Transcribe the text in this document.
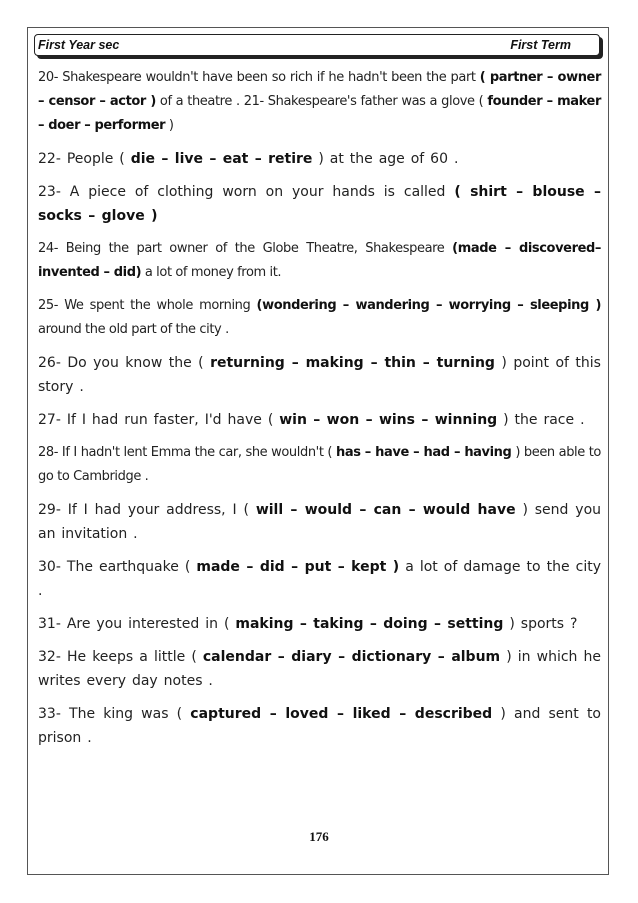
First Year sec	First Term

20- Shakespeare wouldn't have been so rich if he hadn't been the part ( partner – owner – censor – actor ) of a theatre . 21- Shakespeare's father was a glove ( founder – maker – doer – performer )

22- People ( die – live – eat – retire ) at the age of 60 .

23- A piece of clothing worn on your hands is called ( shirt – blouse – socks – glove )

24- Being the part owner of the Globe Theatre, Shakespeare (made – discovered– invented – did) a lot of money from it.

25- We spent the whole morning (wondering – wandering – worrying – sleeping ) around the old part of the city .

26- Do you know the ( returning – making – thin – turning ) point of this story .

27- If I had run faster, I'd have ( win – won – wins – winning ) the race .

28- If I hadn't lent Emma the car, she wouldn't ( has – have – had – having ) been able to go to Cambridge .

29- If I had your address, I ( will – would – can – would have ) send you an invitation .

30- The earthquake ( made – did – put – kept ) a lot of damage to the city .

31- Are you interested in ( making – taking – doing – setting ) sports ?

32- He keeps a little ( calendar – diary – dictionary – album ) in which he writes every day notes .

33- The king was ( captured – loved – liked – described ) and sent to prison .

176
